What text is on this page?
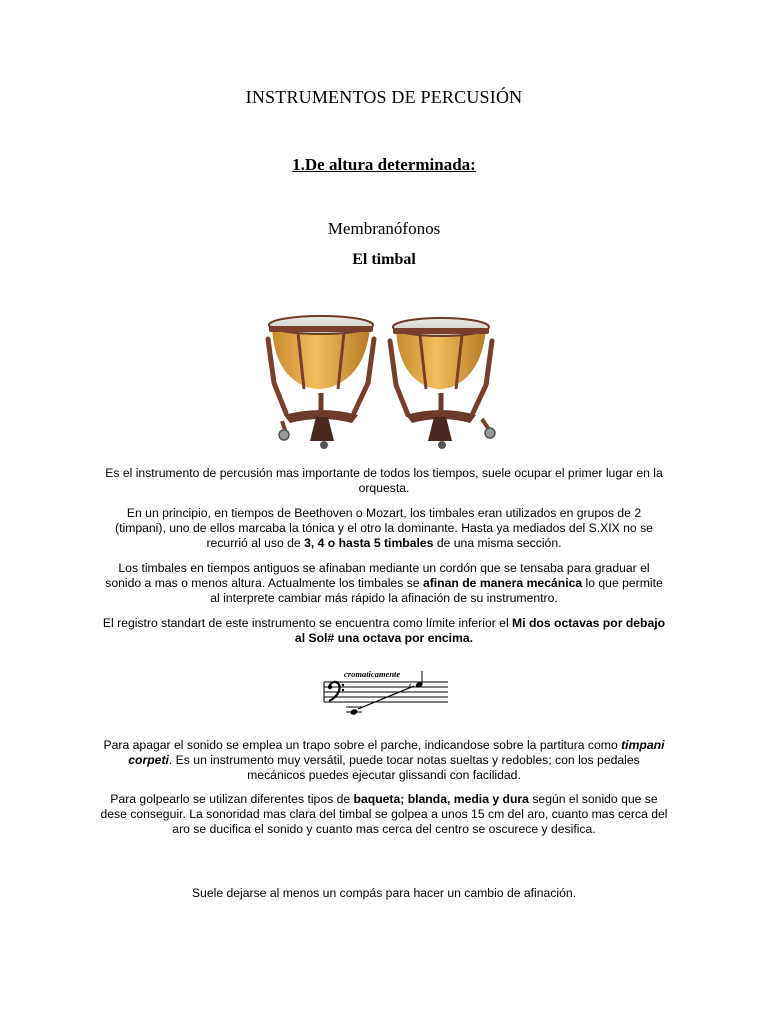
INSTRUMENTOS DE PERCUSIÓN
1.De altura determinada:
Membranófonos
El timbal

Es el instrumento de percusión mas importante de todos los tiempos, suele ocupar el primer lugar en la orquesta.

En un principio, en tiempos de Beethoven o Mozart, los timbales eran utilizados en grupos de 2 (timpani), uno de ellos marcaba la tónica y el otro la dominante. Hasta ya mediados del S.XIX no se recurrió al uso de 3, 4 o hasta 5 timbales de una misma sección.

Los timbales en tiempos antiguos se afinaban mediante un cordón que se tensaba para graduar el sonido a mas o menos altura. Actualmente los timbales se afinan de manera mecánica lo que permite al interprete cambiar más rápido la afinación de su instrumentro.

El registro standart de este instrumento se encuentra como límite inferior el Mi dos octavas por debajo al Sol# una octava por encima.

cromaticamente
♯

Para apagar el sonido se emplea un trapo sobre el parche, indicandose sobre la partitura como timpani corpeti. Es un instrumento muy versátil, puede tocar notas sueltas y redobles; con los pedales mecánicos puedes ejecutar glissandi con facilidad.

Para golpearlo se utilizan diferentes tipos de baqueta; blanda, media y dura según el sonido que se dese conseguir. La sonoridad mas clara del timbal se golpea a unos 15 cm del aro, cuanto mas cerca del aro se ducifica el sonido y cuanto mas cerca del centro se oscurece y desifica.

Suele dejarse al menos un compás para hacer un cambio de afinación.
